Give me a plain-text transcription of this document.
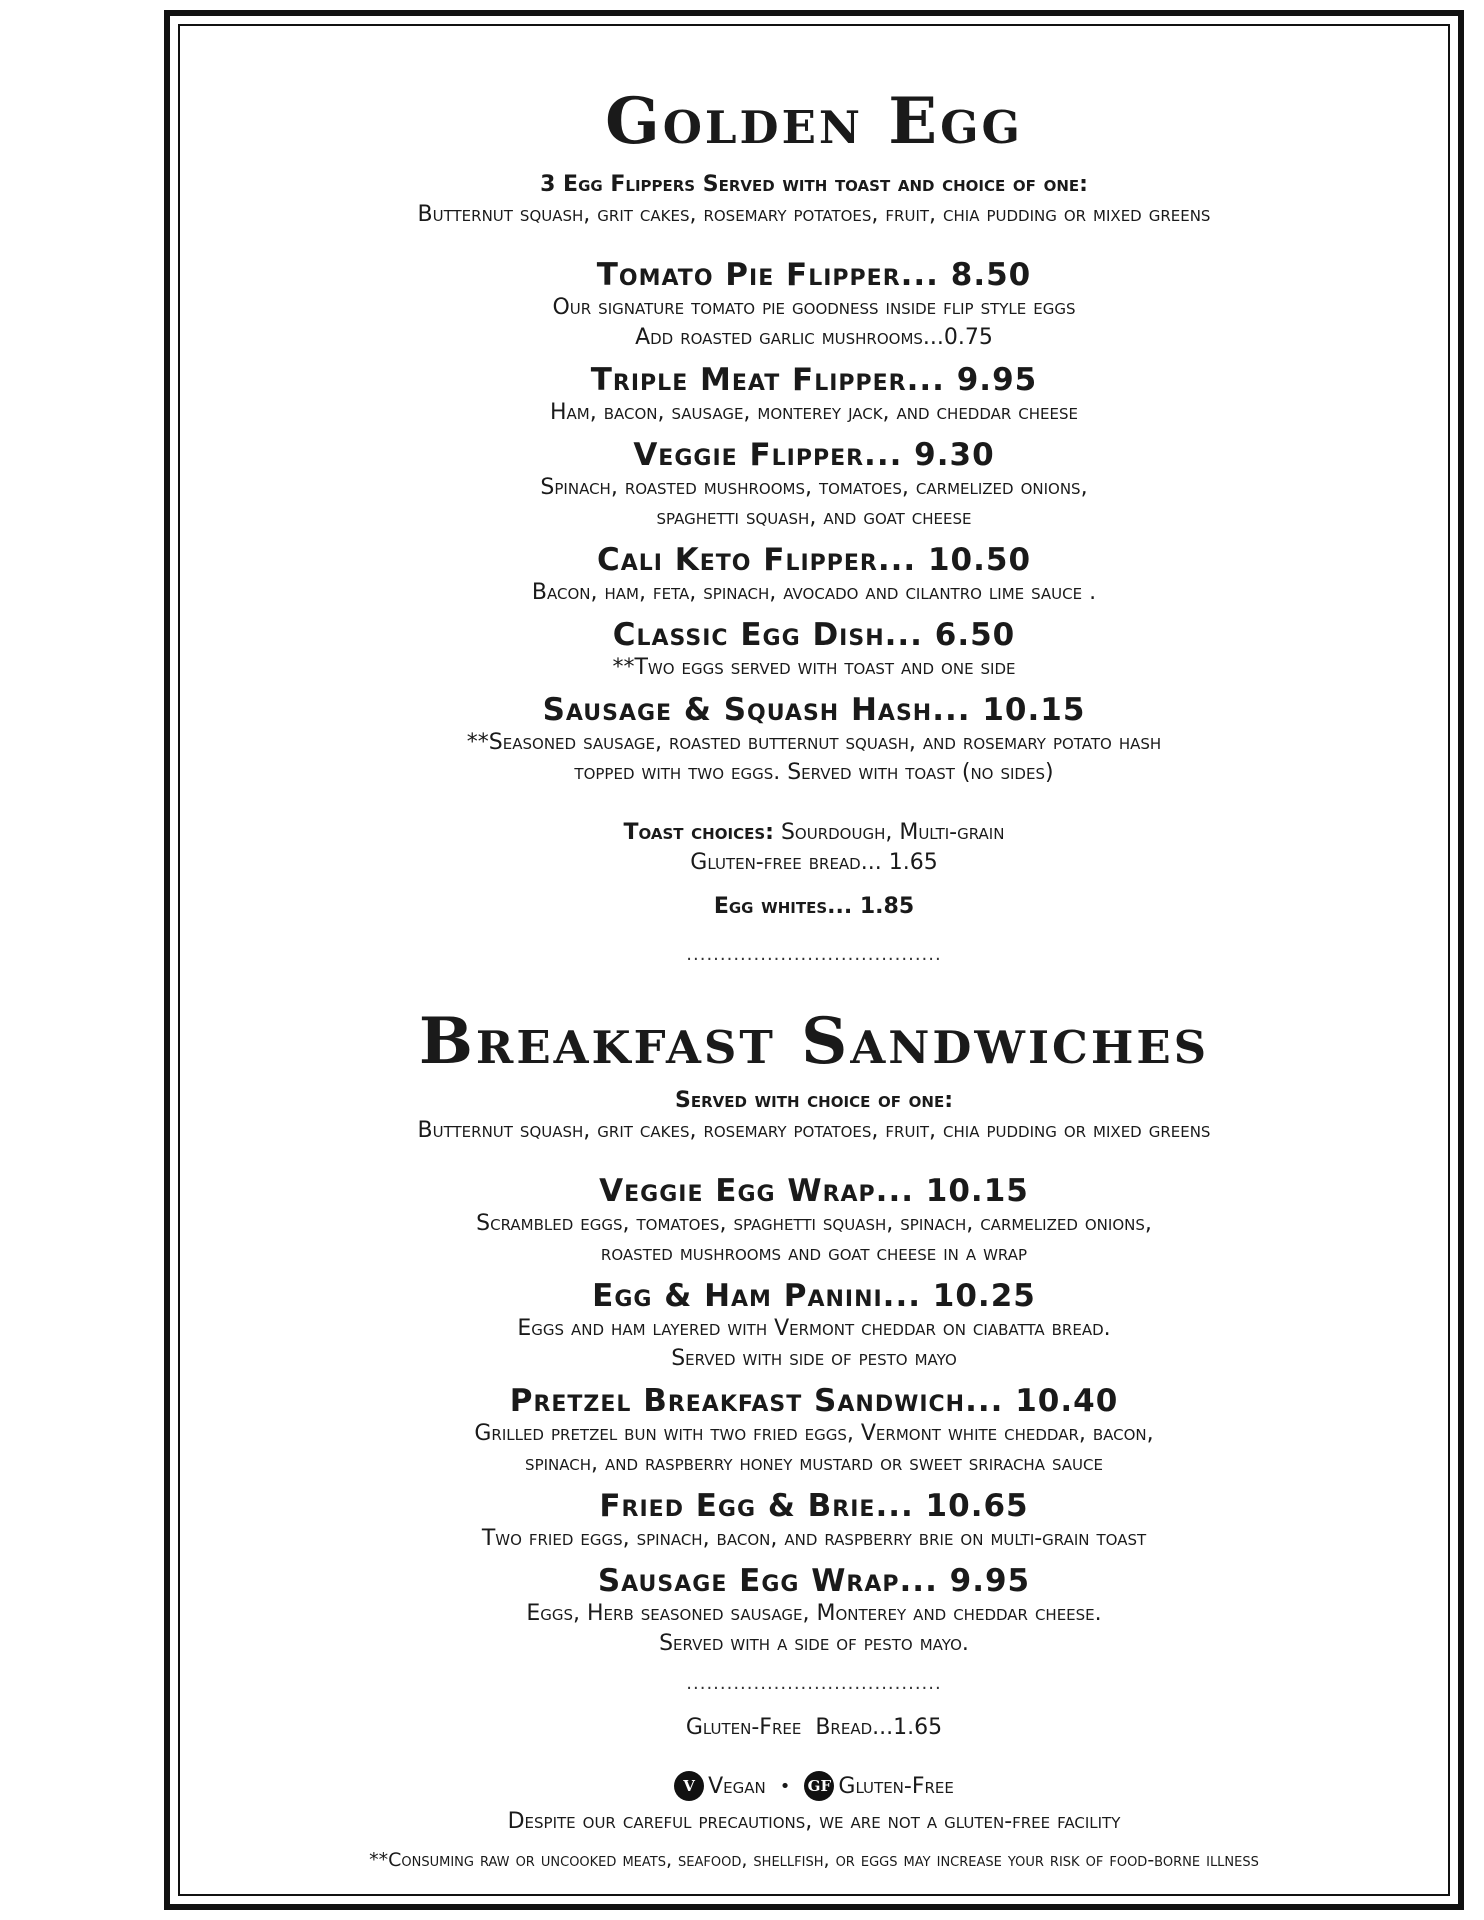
Golden Egg

3 Egg Flippers Served with toast and choice of one:

Butternut squash, grit cakes, rosemary potatoes, fruit, chia pudding or mixed greens

Tomato Pie Flipper... 8.50

Our signature tomato pie goodness inside flip style eggs

Add roasted garlic mushrooms...0.75

Triple Meat Flipper... 9.95

Ham, bacon, sausage, monterey jack, and cheddar cheese

Veggie Flipper... 9.30

Spinach, roasted mushrooms, tomatoes, carmelized onions,

spaghetti squash, and goat cheese

Cali Keto Flipper... 10.50

Bacon, ham, feta, spinach, avocado and cilantro lime sauce .

Classic Egg Dish... 6.50

**Two eggs served with toast and one side

Sausage & Squash Hash... 10.15

**Seasoned sausage, roasted butternut squash, and rosemary potato hash

topped with two eggs. Served with toast (no sides)

Toast choices: Sourdough, Multi-grain

Gluten-free bread... 1.65

Egg whites... 1.85

......................................
Breakfast Sandwiches

Served with choice of one:

Butternut squash, grit cakes, rosemary potatoes, fruit, chia pudding or mixed greens

Veggie Egg Wrap... 10.15

Scrambled eggs, tomatoes, spaghetti squash, spinach, carmelized onions,

roasted mushrooms and goat cheese in a wrap

Egg & Ham Panini... 10.25

Eggs and ham layered with Vermont cheddar on ciabatta bread.

Served with side of pesto mayo

Pretzel Breakfast Sandwich... 10.40

Grilled pretzel bun with two fried eggs, Vermont white cheddar, bacon,

spinach, and raspberry honey mustard or sweet sriracha sauce

Fried Egg & Brie... 10.65

Two fried eggs, spinach, bacon, and raspberry brie on multi-grain toast

Sausage Egg Wrap... 9.95

Eggs, Herb seasoned sausage, Monterey and cheddar cheese.

Served with a side of pesto mayo.

......................................

Gluten-Free  Bread...1.65

V Vegan • GF Gluten-Free

Despite our careful precautions, we are not a gluten-free facility

**Consuming raw or uncooked meats, seafood, shellfish, or eggs may increase your risk of food-borne illness
